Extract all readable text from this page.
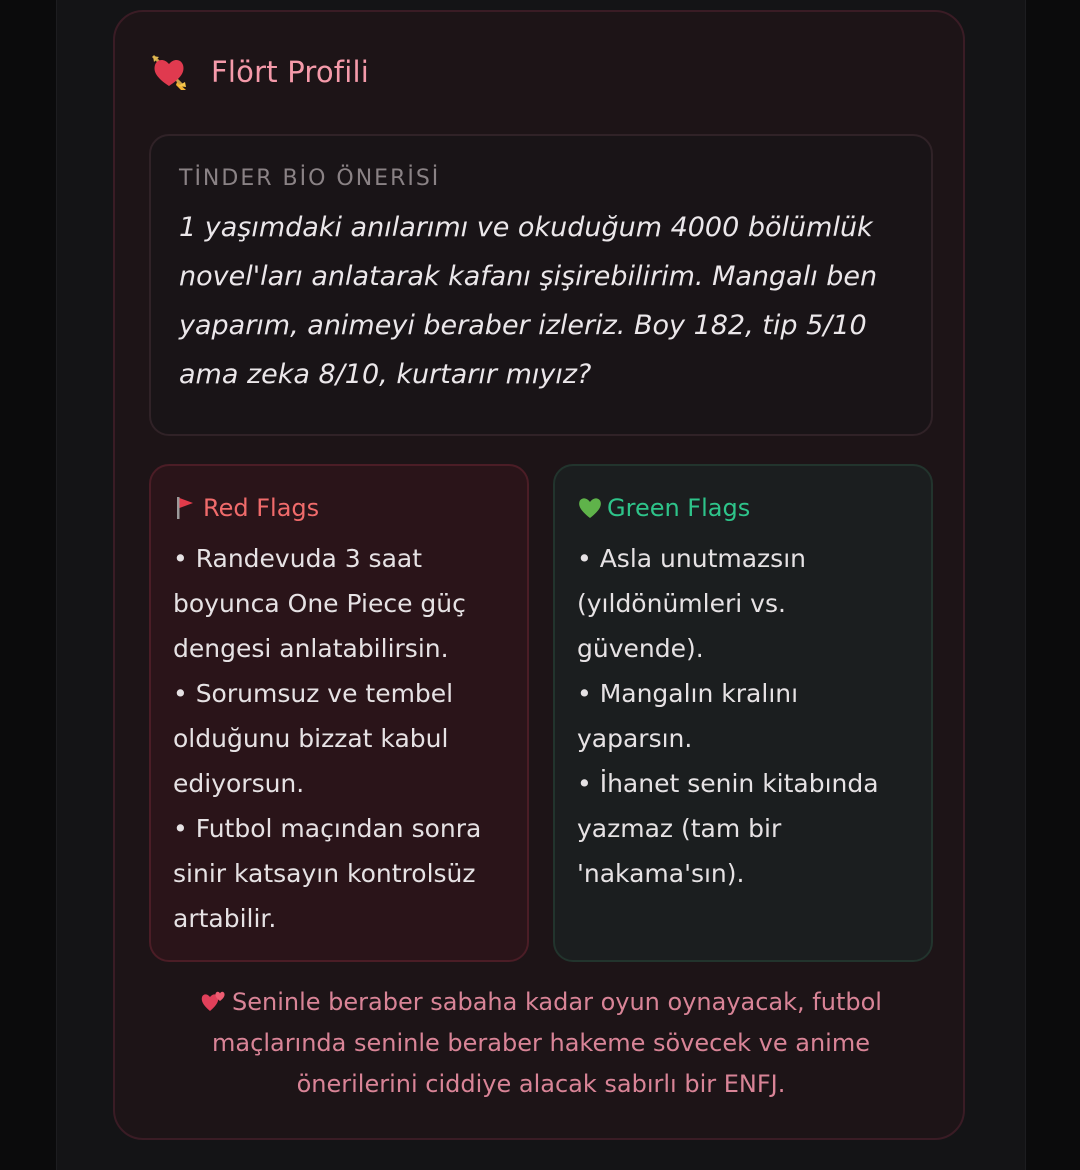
Flört Profili
TİNDER BİO ÖNERİSİ
1 yaşımdaki anılarımı ve okuduğum 4000 bölümlük novel'ları anlatarak kafanı şişirebilirim. Mangalı ben yaparım, animeyi beraber izleriz. Boy 182, tip 5/10 ama zeka 8/10, kurtarır mıyız?
Red Flags
• Randevuda 3 saat boyunca One Piece güç dengesi anlatabilirsin.
• Sorumsuz ve tembel olduğunu bizzat kabul ediyorsun.
• Futbol maçından sonra sinir katsayın kontrolsüz artabilir.
Green Flags
• Asla unutmazsın (yıldönümleri vs. güvende).
• Mangalın kralını yaparsın.
• İhanet senin kitabında yazmaz (tam bir 'nakama'sın).
Seninle beraber sabaha kadar oyun oynayacak, futbol maçlarında seninle beraber hakeme sövecek ve anime önerilerini ciddiye alacak sabırlı bir ENFJ.
